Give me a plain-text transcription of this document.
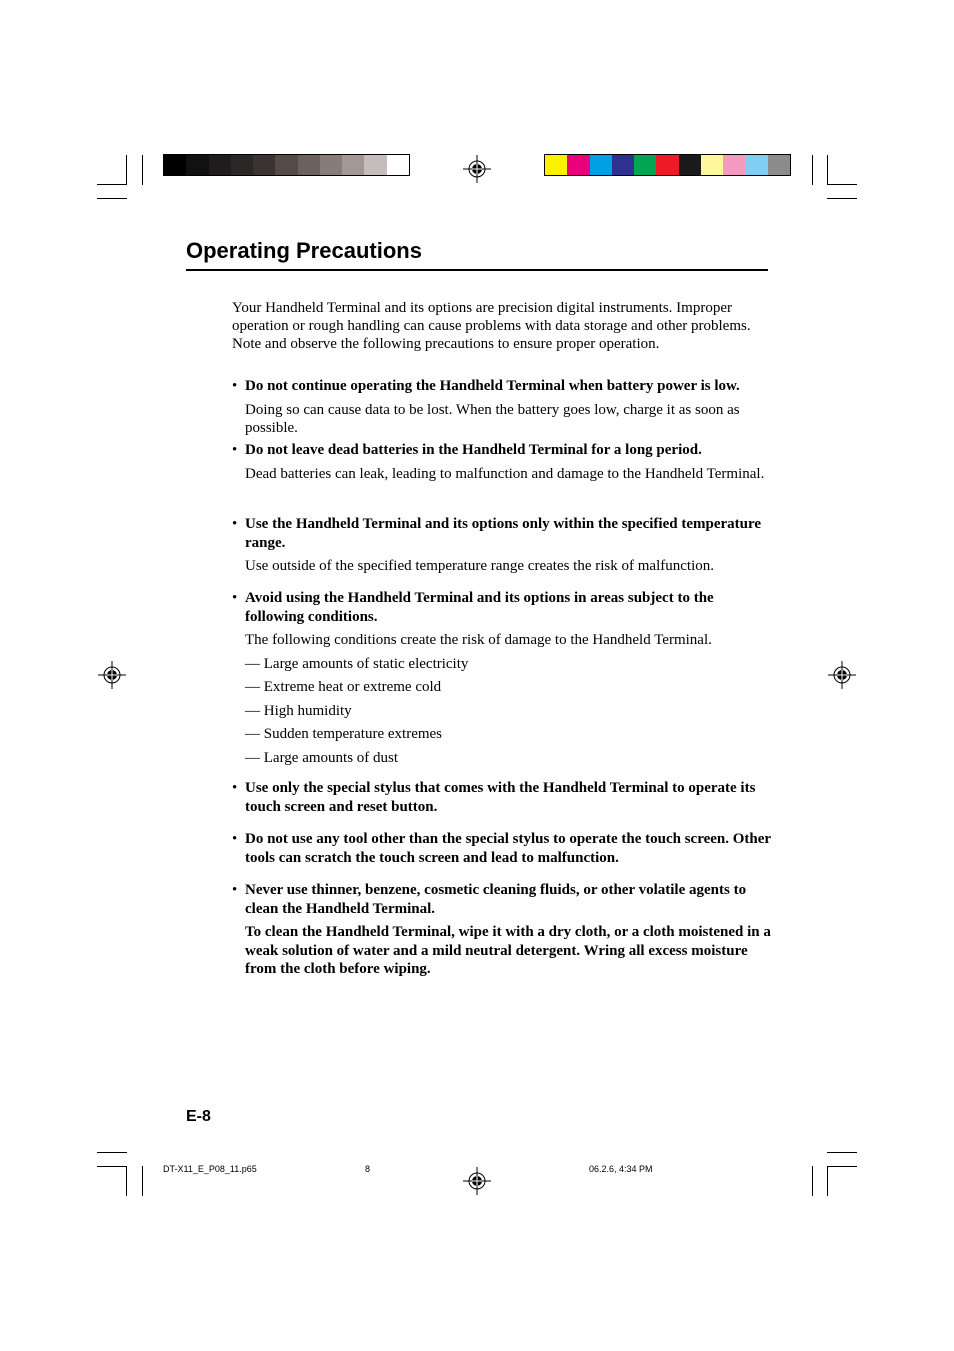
Operating Precautions
Your Handheld Terminal and its options are precision digital instruments. Improper operation or rough handling can cause problems with data storage and other problems. Note and observe the following precautions to ensure proper operation.
• Do not continue operating the Handheld Terminal when battery power is low.
Doing so can cause data to be lost. When the battery goes low, charge it as soon as possible.
• Do not leave dead batteries in the Handheld Terminal for a long period.
Dead batteries can leak, leading to malfunction and damage to the Handheld Terminal.
• Use the Handheld Terminal and its options only within the specified temperature range.
Use outside of the specified temperature range creates the risk of malfunction.
• Avoid using the Handheld Terminal and its options in areas subject to the following conditions.
The following conditions create the risk of damage to the Handheld Terminal.
— Large amounts of static electricity
— Extreme heat or extreme cold
— High humidity
— Sudden temperature extremes
— Large amounts of dust
• Use only the special stylus that comes with the Handheld Terminal to operate its touch screen and reset button.
• Do not use any tool other than the special stylus to operate the touch screen. Other tools can scratch the touch screen and lead to malfunction.
• Never use thinner, benzene, cosmetic cleaning fluids, or other volatile agents to clean the Handheld Terminal.
To clean the Handheld Terminal, wipe it with a dry cloth, or a cloth moistened in a weak solution of water and a mild neutral detergent. Wring all excess moisture from the cloth before wiping.
E-8
DT-X11_E_P08_11.p65	8	06.2.6, 4:34 PM
